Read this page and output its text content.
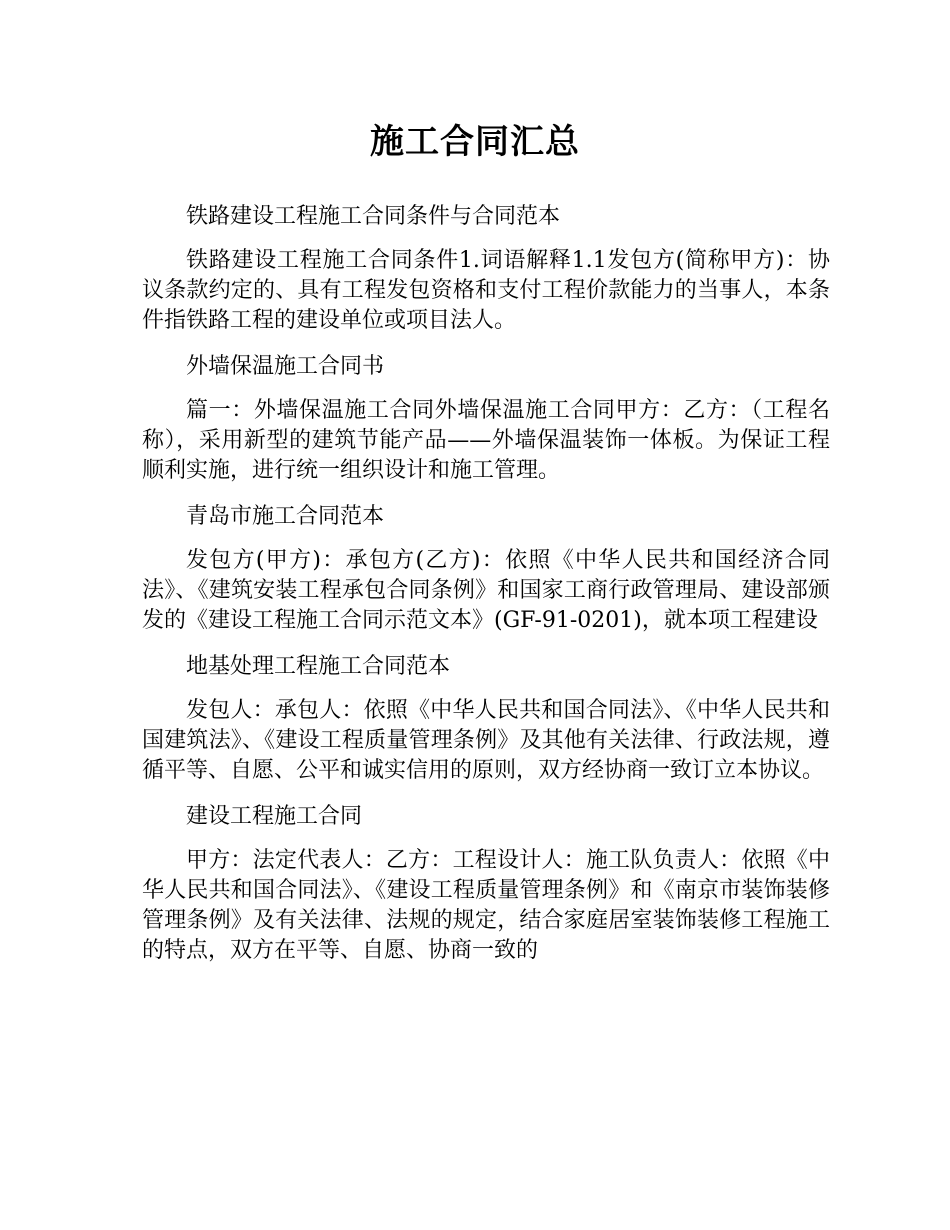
施工合同汇总

铁路建设工程施工合同条件与合同范本

铁路建设工程施工合同条件1.词语解释1.1发包方(简称甲方)：协议条款约定的、具有工程发包资格和支付工程价款能力的当事人，本条件指铁路工程的建设单位或项目法人。

外墙保温施工合同书

篇一：外墙保温施工合同外墙保温施工合同甲方：乙方：（工程名称），采用新型的建筑节能产品——外墙保温装饰一体板。为保证工程顺利实施，进行统一组织设计和施工管理。

青岛市施工合同范本

发包方(甲方)：承包方(乙方)：依照《中华人民共和国经济合同法》、《建筑安装工程承包合同条例》和国家工商行政管理局、建设部颁发的《建设工程施工合同示范文本》(GF-91-0201)，就本项工程建设

地基处理工程施工合同范本

发包人：承包人：依照《中华人民共和国合同法》、《中华人民共和国建筑法》、《建设工程质量管理条例》及其他有关法律、行政法规，遵循平等、自愿、公平和诚实信用的原则，双方经协商一致订立本协议。

建设工程施工合同

甲方：法定代表人：乙方：工程设计人：施工队负责人：依照《中华人民共和国合同法》、《建设工程质量管理条例》和《南京市装饰装修管理条例》及有关法律、法规的规定，结合家庭居室装饰装修工程施工的特点，双方在平等、自愿、协商一致的
